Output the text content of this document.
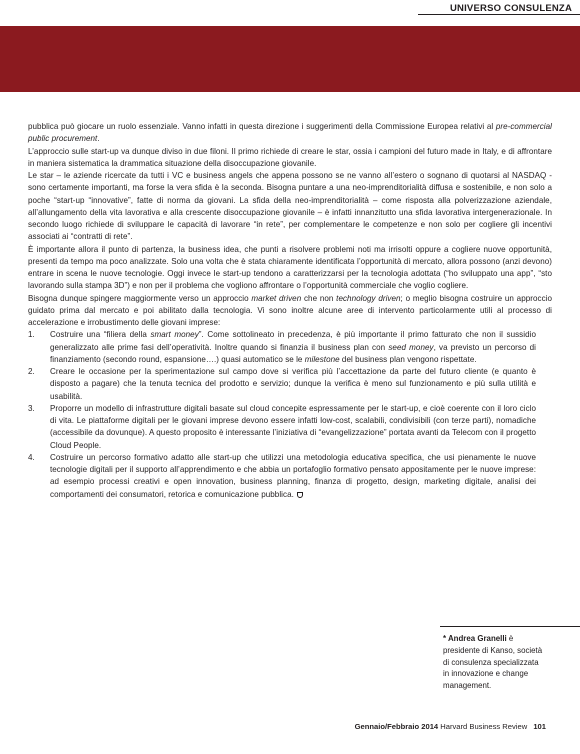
UNIVERSO CONSULENZA

pubblica può giocare un ruolo essenziale. Vanno infatti in questa direzione i suggerimenti della Commissione Europea relativi al pre-commercial public procurement.

L’approccio sulle start-up va dunque diviso in due filoni. Il primo richiede di creare le star, ossia i campioni del futuro made in Italy, e di affrontare in maniera sistematica la drammatica situazione della disoccupazione giovanile.

Le star – le aziende ricercate da tutti i VC e business angels che appena possono se ne vanno all’estero o sognano di quotarsi al NASDAQ - sono certamente importanti, ma forse la vera sfida è la seconda. Bisogna puntare a una neo-imprenditorialità diffusa e sostenibile, e non solo a poche “start-up “innovative”, fatte di norma da giovani. La sfida della neo-imprenditorialità – come risposta alla polverizzazione aziendale, all’allungamento della vita lavorativa e alla crescente disoccupazione giovanile – è infatti innanzitutto una sfida lavorativa intergenerazionale. In secondo luogo richiede di sviluppare le capacità di lavorare “in rete”, per complementare le competenze e non solo per cogliere gli incentivi associati ai “contratti di rete”.

È importante allora il punto di partenza, la business idea, che punti a risolvere problemi noti ma irrisolti oppure a cogliere nuove opportunità, presenti da tempo ma poco analizzate. Solo una volta che è stata chiaramente identificata l’opportunità di mercato, allora possono (anzi devono) entrare in scena le nuove tecnologie. Oggi invece le start-up tendono a caratterizzarsi per la tecnologia adottata (“ho sviluppato una app”, “sto lavorando sulla stampa 3D”) e non per il problema che vogliono affrontare o l’opportunità commerciale che voglio cogliere.

Bisogna dunque spingere maggiormente verso un approccio market driven che non technology driven; o meglio bisogna costruire un approccio guidato prima dal mercato e poi abilitato dalla tecnologia. Vi sono inoltre alcune aree di intervento particolarmente utili al processo di accelerazione e irrobustimento delle giovani imprese:

1. Costruire una “filiera della smart money”. Come sottolineato in precedenza, è più importante il primo fatturato che non il sussidio generalizzato alle prime fasi dell’operatività. Inoltre quando si finanzia il business plan con seed money, va previsto un percorso di finanziamento (secondo round, espansione….) quasi automatico se le milestone del business plan vengono rispettate.
2. Creare le occasione per la sperimentazione sul campo dove si verifica più l’accettazione da parte del futuro cliente (e quanto è disposto a pagare) che la tenuta tecnica del prodotto e servizio; dunque la verifica è meno sul funzionamento e più sulla utilità e usabilità.
3. Proporre un modello di infrastrutture digitali basate sul cloud concepite espressamente per le start-up, e cioè coerente con il loro ciclo di vita. Le piattaforme digitali per le giovani imprese devono essere infatti low-cost, scalabili, condivisibili (con terze parti), nomadiche (accessibile da dovunque). A questo proposito è interessante l’iniziativa di “evangelizzazione” portata avanti da Telecom con il progetto Cloud People.
4. Costruire un percorso formativo adatto alle start-up che utilizzi una metodologia educativa specifica, che usi pienamente le nuove tecnologie digitali per il supporto all’apprendimento e che abbia un portafoglio formativo pensato appositamente per le nuove imprese: ad esempio processi creativi e open innovation, business planning, finanza di progetto, design, marketing digitale, analisi dei comportamenti dei consumatori, retorica e comunicazione pubblica.
* Andrea Granelli è presidente di Kanso, società di consulenza specializzata in innovazione e change management.
Gennaio/Febbraio 2014 Harvard Business Review 101
